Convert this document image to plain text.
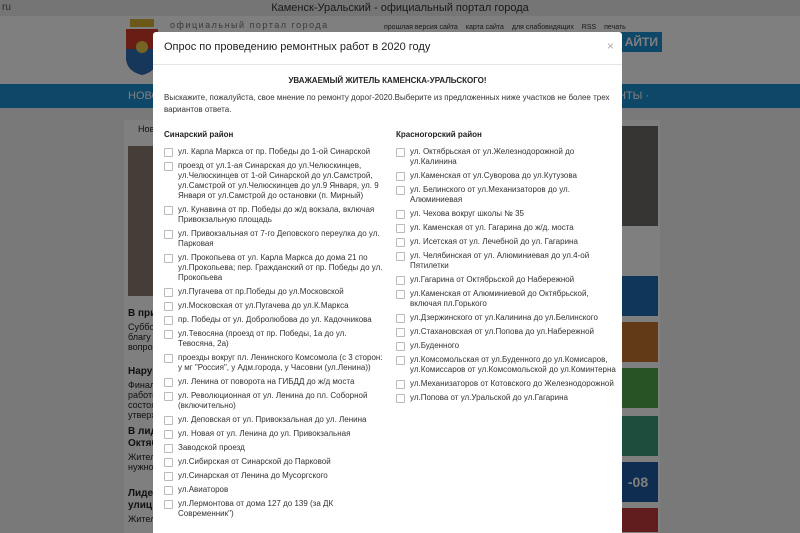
Опрос по проведению ремонтных работ в 2020 году	×
УВАЖАЕМЫЙ ЖИТЕЛЬ КАМЕНСКА-УРАЛЬСКОГО!
Выскажите, пожалуйста, свое мнение по ремонту дорог-2020.Выберите из предложенных ниже участков не более трех вариантов ответа.
Синарский район
ул. Карла Маркса от пр. Победы до 1-ой Синарской
проезд от ул.1-ая Синарская до ул.Челюскинцев, ул.Челюскинцев от 1-ой Синарской до ул.Самстрой, ул.Самстрой от ул.Челюскинцев до ул.9 Января, ул. 9 Января от ул.Самстрой до остановки (п. Мирный)
ул. Кунавина от пр. Победы до ж/д вокзала, включая Привокзальную площадь
ул. Привокзальная от 7-го Деповского переулка до ул. Парковая
ул. Прокопьева от ул. Карла Маркса до дома 21 по ул.Прокопьева; пер. Гражданский от пр. Победы до ул. Прокопьева
ул.Пугачева от пр.Победы до ул.Московской
ул.Московская от ул.Пугачева до ул.К.Маркса
пр. Победы от ул. Добролюбова до ул. Кадочникова
ул.Тевосяна (проезд от пр. Победы, 1а до ул. Тевосяна, 2а)
проезды вокруг пл. Ленинского Комсомола (с 3 сторон: у мг "Россия", у Адм.города, у Часовни (ул.Ленина))
ул. Ленина от поворота на ГИБДД до ж/д моста
ул. Революционная от ул. Ленина до пл. Соборной (включительно)
ул. Деповская от ул. Привокзальная до ул. Ленина
ул. Новая от ул. Ленина до ул. Привокзальная
Заводской проезд
ул.Сибирская от Синарской до Парковой
ул.Синарская от Ленина до Мусоргского
ул.Авиаторов
ул.Лермонтова от дома 127 до 139 (за ДК Современник")
Красногорский район
ул. Октябрьская от ул.Железнодорожной до ул.Калинина
ул.Каменская от ул.Суворова до ул.Кутузова
ул. Белинского от ул.Механизаторов до ул. Алюминиевая
ул. Чехова вокруг школы № 35
ул. Каменская от ул. Гагарина до ж/д. моста
ул. Исетская от ул. Лечебной до ул. Гагарина
ул. Челябинская от ул. Алюминиевая до ул.4-ой Пятилетки
ул.Гагарина от Октябрьской до Набережной
ул.Каменская от Алюминиевой до Октябрьской, включая пл.Горького
ул.Дзержинского от ул.Калинина до ул.Белинского
ул.Стахановская от ул.Попова до ул.Набережной
ул.Буденного
ул.Комсомольская от ул.Буденного до ул.Комисаров, ул.Комиссаров от ул.Комсомольской до ул.Коминтерна
ул.Механизаторов от Котовского до Железнодорожной
ул.Попова от ул.Уральской до ул.Гагарина
